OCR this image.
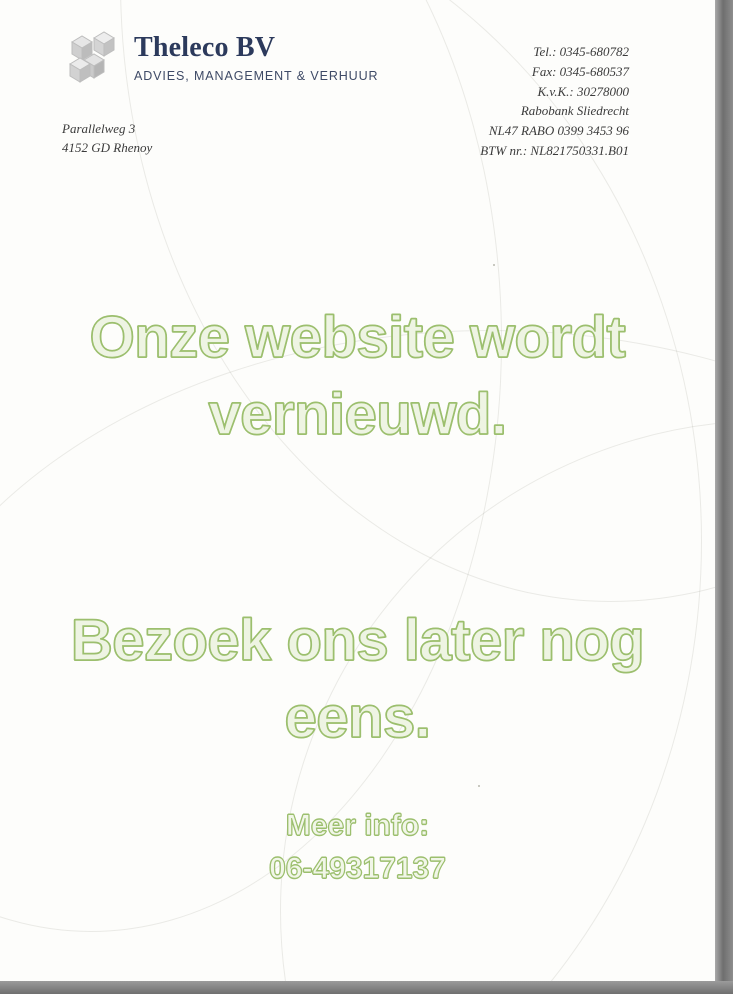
Theleco BV
ADVIES, MANAGEMENT & VERHUUR
Parallelweg 3
4152 GD Rhenoy
Tel.: 0345-680782
Fax: 0345-680537
K.v.K.: 30278000
Rabobank Sliedrecht
NL47 RABO 0399 3453 96
BTW nr.: NL821750331.B01
Onze website wordt
vernieuwd.
Bezoek ons later nog
eens.
Meer info:
06-49317137
